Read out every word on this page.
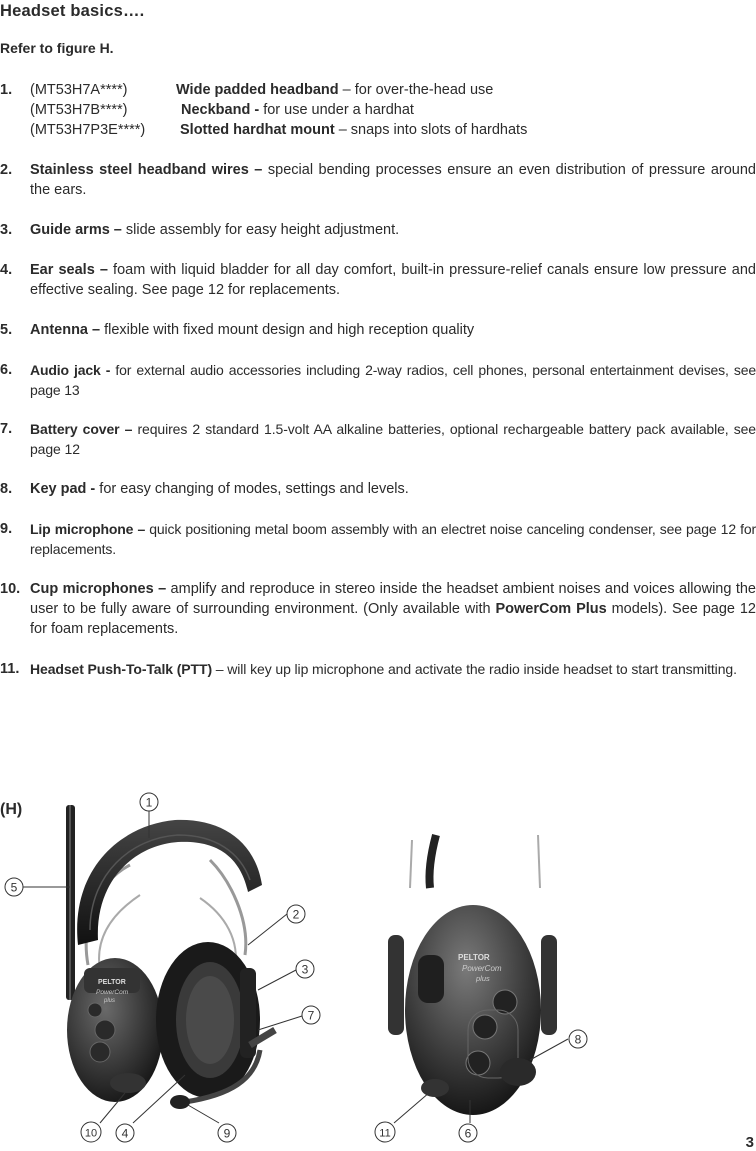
Headset basics….
Refer to figure H.
1. (MT53H7A****)	Wide padded headband – for over-the-head use
(MT53H7B****)	Neckband - for use under a hardhat
(MT53H7P3E****) Slotted hardhat mount – snaps into slots of hardhats
2. Stainless steel headband wires – special bending processes ensure an even distribution of pressure around the ears.
3. Guide arms – slide assembly for easy height adjustment.
4. Ear seals – foam with liquid bladder for all day comfort, built-in pressure-relief canals ensure low pressure and effective sealing. See page 12 for replacements.
5. Antenna – flexible with fixed mount design and high reception quality
6. Audio jack - for external audio accessories including 2-way radios, cell phones, personal entertainment devises, see page 13
7. Battery cover – requires 2 standard 1.5-volt AA alkaline batteries, optional rechargeable battery pack available, see page 12
8. Key pad - for easy changing of modes, settings and levels.
9. Lip microphone – quick positioning metal boom assembly with an electret noise canceling condenser, see page 12 for replacements.
10. Cup microphones – amplify and reproduce in stereo inside the headset ambient noises and voices allowing the user to be fully aware of surrounding environment. (Only available with PowerCom Plus models). See page 12 for foam replacements.
11. Headset Push-To-Talk (PTT) – will key up lip microphone and activate the radio inside headset to start transmitting.
(H)
PELTOR
PowerCom
plus
PELTOR
PowerCom
plus
1
5
2
3
7
10 4	9	11	6
8
3
